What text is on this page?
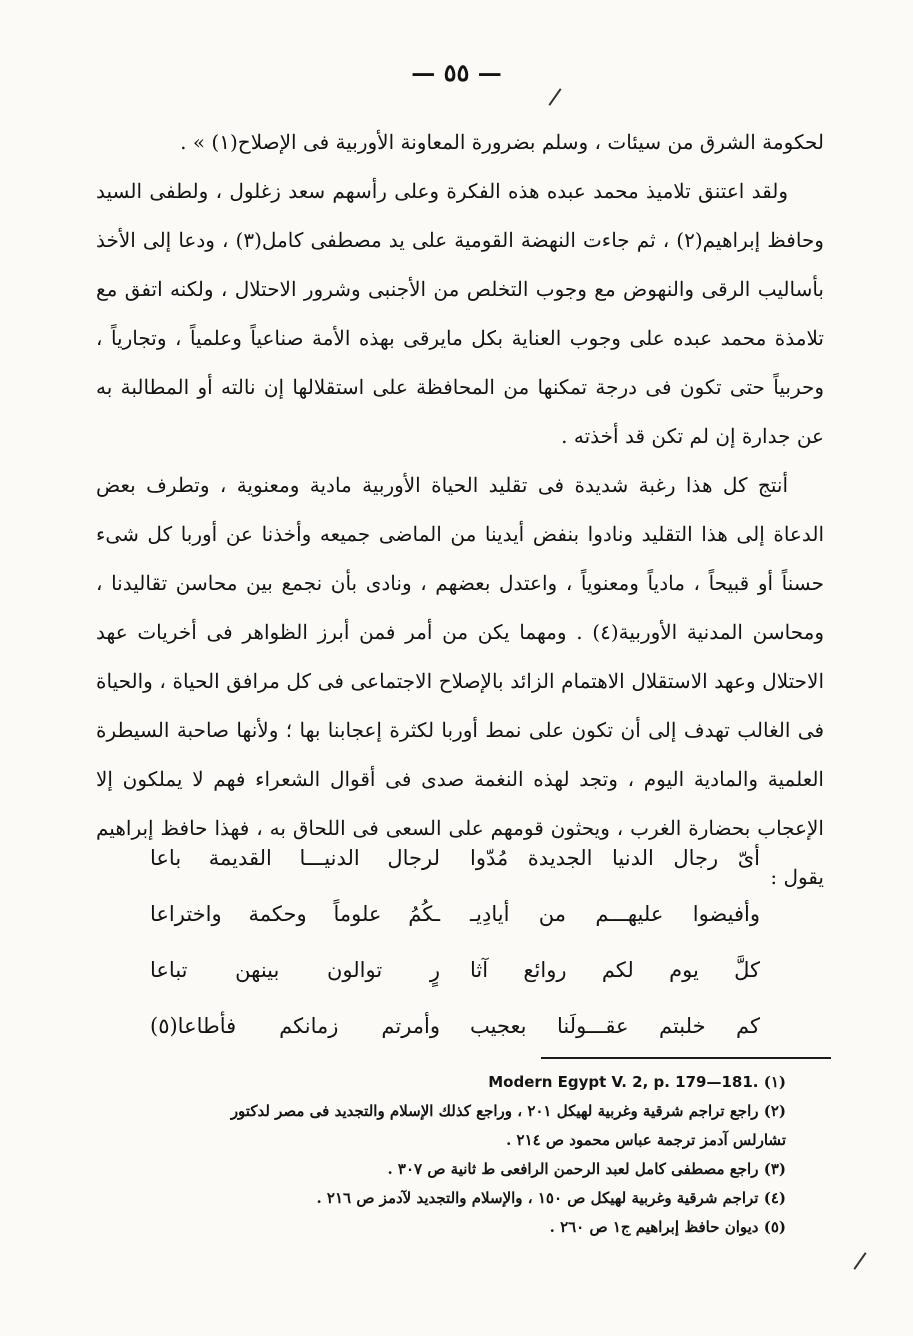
— ٥٥ —

لحكومة الشرق من سيئات ، وسلم بضرورة المعاونة الأوربية فى الإصلاح(١) » .

ولقد اعتنق تلاميذ محمد عبده هذه الفكرة وعلى رأسهم سعد زغلول ، ولطفى السيد وحافظ إبراهيم(٢) ، ثم جاءت النهضة القومية على يد مصطفى كامل(٣) ، ودعا إلى الأخذ بأساليب الرقى والنهوض مع وجوب التخلص من الأجنبى وشرور الاحتلال ، ولكنه اتفق مع تلامذة محمد عبده على وجوب العناية بكل مايرقى بهذه الأمة صناعياً وعلمياً ، وتجارياً ، وحربياً حتى تكون فى درجة تمكنها من المحافظة على استقلالها إن نالته أو المطالبة به عن جدارة إن لم تكن قد أخذته .

أنتج كل هذا رغبة شديدة فى تقليد الحياة الأوربية مادية ومعنوية ، وتطرف بعض الدعاة إلى هذا التقليد ونادوا بنفض أيدينا من الماضى جميعه وأخذنا عن أوربا كل شىء حسناً أو قبيحاً ، مادياً ومعنوياً ، واعتدل بعضهم ، ونادى بأن نجمع بين محاسن تقاليدنا ، ومحاسن المدنية الأوربية(٤) . ومهما يكن من أمر فمن أبرز الظواهر فى أخريات عهد الاحتلال وعهد الاستقلال الاهتمام الزائد بالإصلاح الاجتماعى فى كل مرافق الحياة ، والحياة فى الغالب تهدف إلى أن تكون على نمط أوربا لكثرة إعجابنا بها ؛ ولأنها صاحبة السيطرة العلمية والمادية اليوم ، وتجد لهذه النغمة صدى فى أقوال الشعراء فهم لا يملكون إلا الإعجاب بحضارة الغرب ، ويحثون قومهم على السعى فى اللحاق به ، فهذا حافظ إبراهيم يقول :

أىّ رجال الدنيا الجديدة مُدّوا
لرجال الدنيـــا القديمة باعا
وأفيضوا عليهـــم من أيادِيـ
ـكُمُ علوماً وحكمة واختراعا
كلَّ يوم لكم روائع آثا
رٍ توالون بينهن تباعا
كم خلبتم عقـــولَنا بعجيب
وأمرتم زمانكم فأطاعا(٥)
(١) Modern Egypt V. 2, p. 179—181.
(٢) راجع تراجم شرقية وغربية لهيكل ٢٠١ ، وراجع كذلك الإسلام والتجديد فى مصر لدكتور
تشارلس آدمز ترجمة عباس محمود ص ٢١٤ .
(٣) راجع مصطفى كامل لعبد الرحمن الرافعى ط ثانية ص ٣٠٧ .
(٤) تراجم شرقية وغربية لهيكل ص ١٥٠ ، والإسلام والتجديد لآدمز ص ٢١٦ .
(٥) ديوان حافظ إبراهيم ج١ ص ٢٦٠ .
